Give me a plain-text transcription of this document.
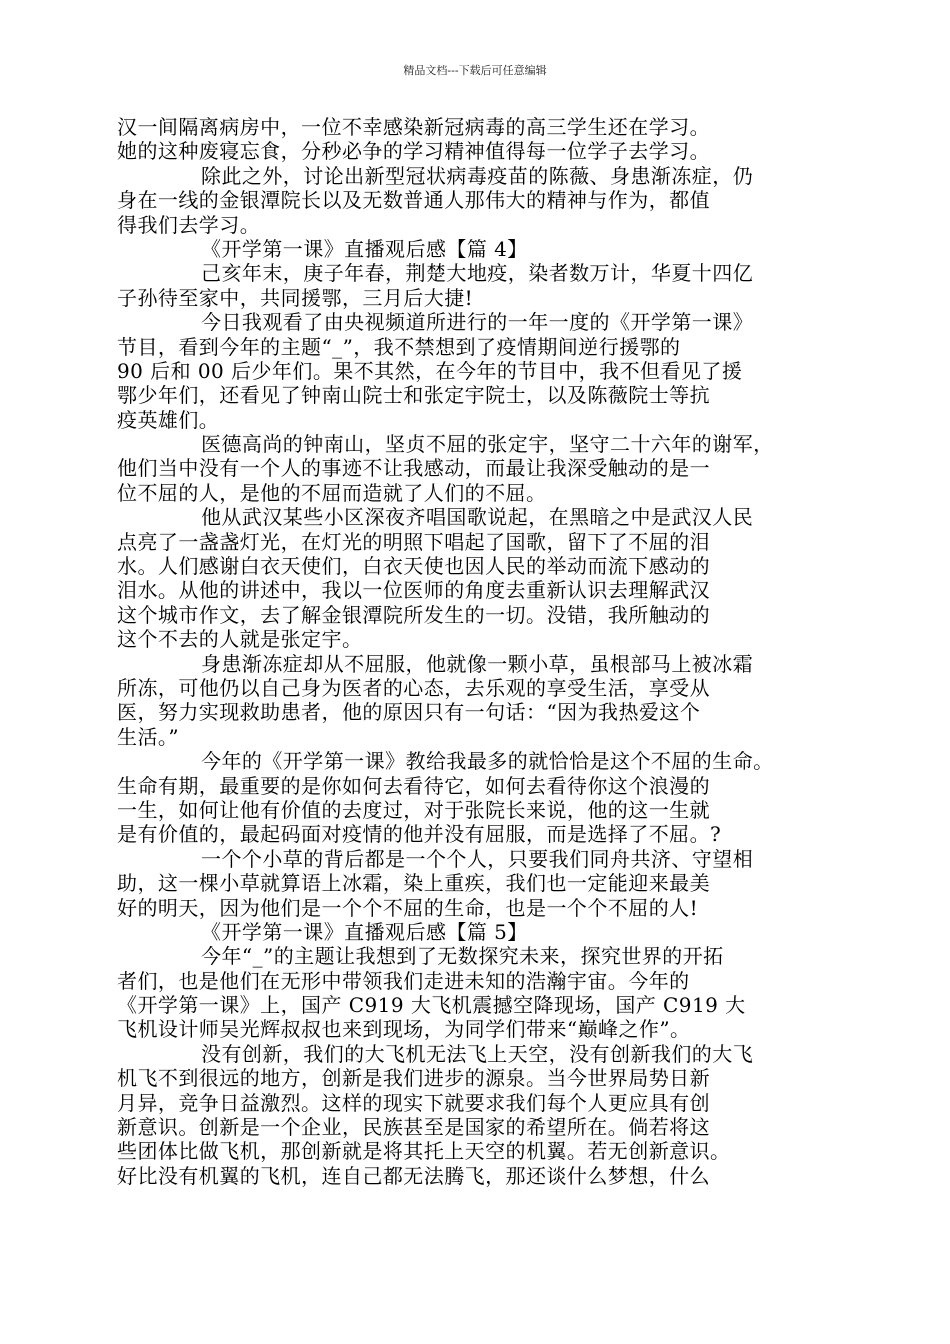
精品文档---下载后可任意编辑
汉一间隔离病房中，一位不幸感染新冠病毒的高三学生还在学习。
她的这种废寝忘食，分秒必争的学习精神值得每一位学子去学习。
除此之外，讨论出新型冠状病毒疫苗的陈薇、身患渐冻症，仍
身在一线的金银潭院长以及无数普通人那伟大的精神与作为，都值
得我们去学习。
《开学第一课》直播观后感【篇 4】
己亥年末，庚子年春，荆楚大地疫，染者数万计，华夏十四亿
子孙待至家中，共同援鄂，三月后大捷!
今日我观看了由央视频道所进行的一年一度的《开学第一课》
节目，看到今年的主题“_”，我不禁想到了疫情期间逆行援鄂的
90 后和 00 后少年们。果不其然，在今年的节目中，我不但看见了援
鄂少年们，还看见了钟南山院士和张定宇院士，以及陈薇院士等抗
疫英雄们。
医德高尚的钟南山，坚贞不屈的张定宇，坚守二十六年的谢军，
他们当中没有一个人的事迹不让我感动，而最让我深受触动的是一
位不屈的人，是他的不屈而造就了人们的不屈。
他从武汉某些小区深夜齐唱国歌说起，在黑暗之中是武汉人民
点亮了一盏盏灯光，在灯光的明照下唱起了国歌，留下了不屈的泪
水。人们感谢白衣天使们，白衣天使也因人民的举动而流下感动的
泪水。从他的讲述中，我以一位医师的角度去重新认识去理解武汉
这个城市作文，去了解金银潭院所发生的一切。没错，我所触动的
这个不去的人就是张定宇。
身患渐冻症却从不屈服，他就像一颗小草，虽根部马上被冰霜
所冻，可他仍以自己身为医者的心态，去乐观的享受生活，享受从
医，努力实现救助患者，他的原因只有一句话：“因为我热爱这个
生活。”
今年的《开学第一课》教给我最多的就恰恰是这个不屈的生命。
生命有期，最重要的是你如何去看待它，如何去看待你这个浪漫的
一生，如何让他有价值的去度过，对于张院长来说，他的这一生就
是有价值的，最起码面对疫情的他并没有屈服，而是选择了不屈。?
一个个小草的背后都是一个个人，只要我们同舟共济、守望相
助，这一棵小草就算语上冰霜，染上重疾，我们也一定能迎来最美
好的明天，因为他们是一个个不屈的生命，也是一个个不屈的人!
《开学第一课》直播观后感【篇 5】
今年“_”的主题让我想到了无数探究未来，探究世界的开拓
者们，也是他们在无形中带领我们走进未知的浩瀚宇宙。今年的
《开学第一课》上，国产 C919 大飞机震撼空降现场，国产 C919 大
飞机设计师吴光辉叔叔也来到现场，为同学们带来“巅峰之作”。
没有创新，我们的大飞机无法飞上天空，没有创新我们的大飞
机飞不到很远的地方，创新是我们进步的源泉。当今世界局势日新
月异，竞争日益激烈。这样的现实下就要求我们每个人更应具有创
新意识。创新是一个企业，民族甚至是国家的希望所在。倘若将这
些团体比做飞机，那创新就是将其托上天空的机翼。若无创新意识。
好比没有机翼的飞机，连自己都无法腾飞，那还谈什么梦想，什么
